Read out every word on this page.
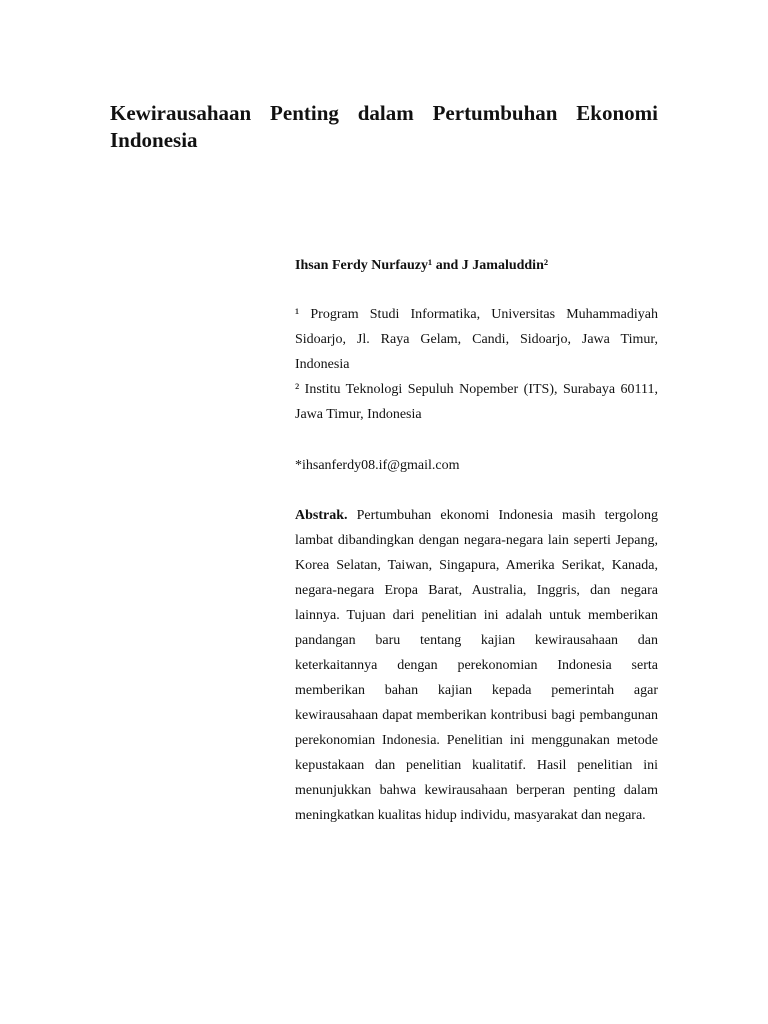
Kewirausahaan Penting dalam Pertumbuhan Ekonomi Indonesia
Ihsan Ferdy Nurfauzy¹ and J Jamaluddin²

¹ Program Studi Informatika, Universitas Muhammadiyah Sidoarjo, Jl. Raya Gelam, Candi, Sidoarjo, Jawa Timur, Indonesia

² Institu Teknologi Sepuluh Nopember (ITS), Surabaya 60111, Jawa Timur, Indonesia

*ihsanferdy08.if@gmail.com

Abstrak. Pertumbuhan ekonomi Indonesia masih tergolong lambat dibandingkan dengan negara-negara lain seperti Jepang, Korea Selatan, Taiwan, Singapura, Amerika Serikat, Kanada, negara-negara Eropa Barat, Australia, Inggris, dan negara lainnya. Tujuan dari penelitian ini adalah untuk memberikan pandangan baru tentang kajian kewirausahaan dan keterkaitannya dengan perekonomian Indonesia serta memberikan bahan kajian kepada pemerintah agar kewirausahaan dapat memberikan kontribusi bagi pembangunan perekonomian Indonesia. Penelitian ini menggunakan metode kepustakaan dan penelitian kualitatif. Hasil penelitian ini menunjukkan bahwa kewirausahaan berperan penting dalam meningkatkan kualitas hidup individu, masyarakat dan negara.
